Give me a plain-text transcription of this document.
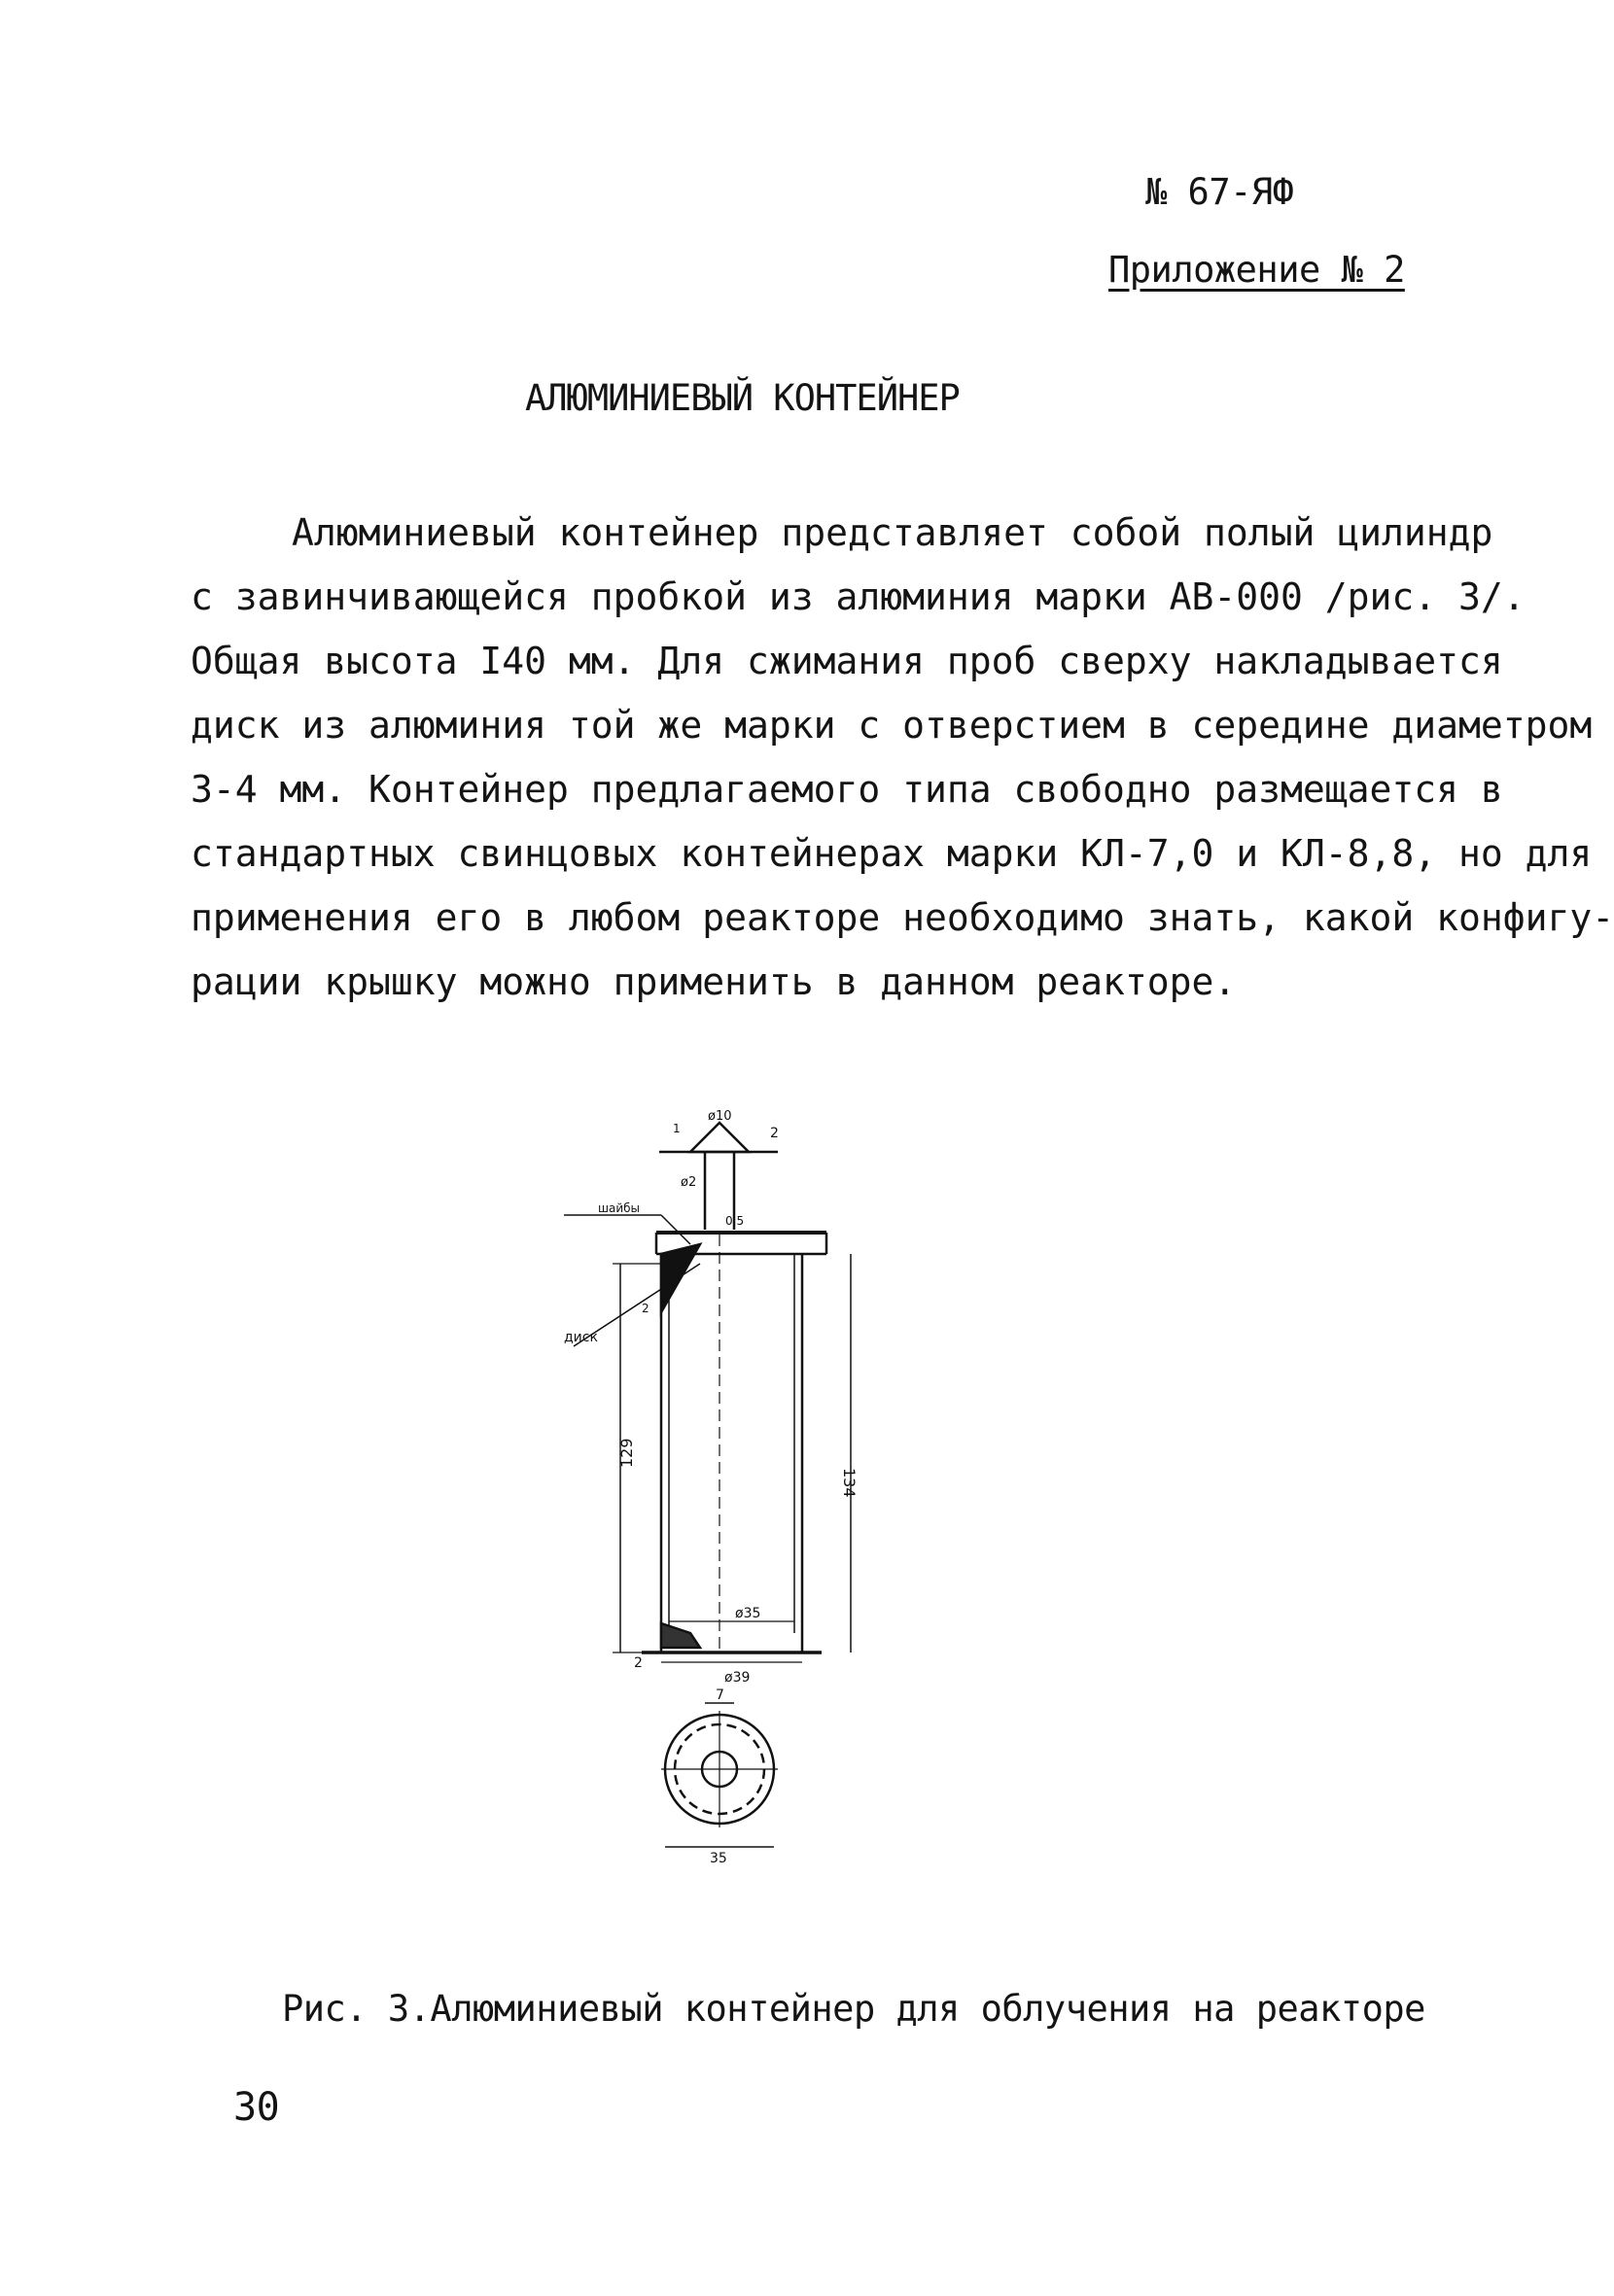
№ 67-ЯФ
Приложение № 2
АЛЮМИНИЕВЫЙ КОНТЕЙНЕР
Алюминиевый контейнер представляет собой полый цилиндр
с завинчивающейся пробкой из алюминия марки АВ-000 /рис. 3/.
Общая высота I40 мм. Для сжимания проб сверху накладывается
диск из алюминия той же марки с отверстием в середине диаметром
3-4 мм. Контейнер предлагаемого типа свободно размещается в
стандартных свинцовых контейнерах марки КЛ-7,0 и КЛ-8,8, но для
применения его в любом реакторе необходимо знать, какой конфигу-
рации крышку можно применить в данном реакторе.
шайбы
диск
ø10
ø2
2
1
0.5
129
134
2
2
ø35
ø39
7
35
Рис. 3.Алюминиевый контейнер для облучения на реакторе
30
